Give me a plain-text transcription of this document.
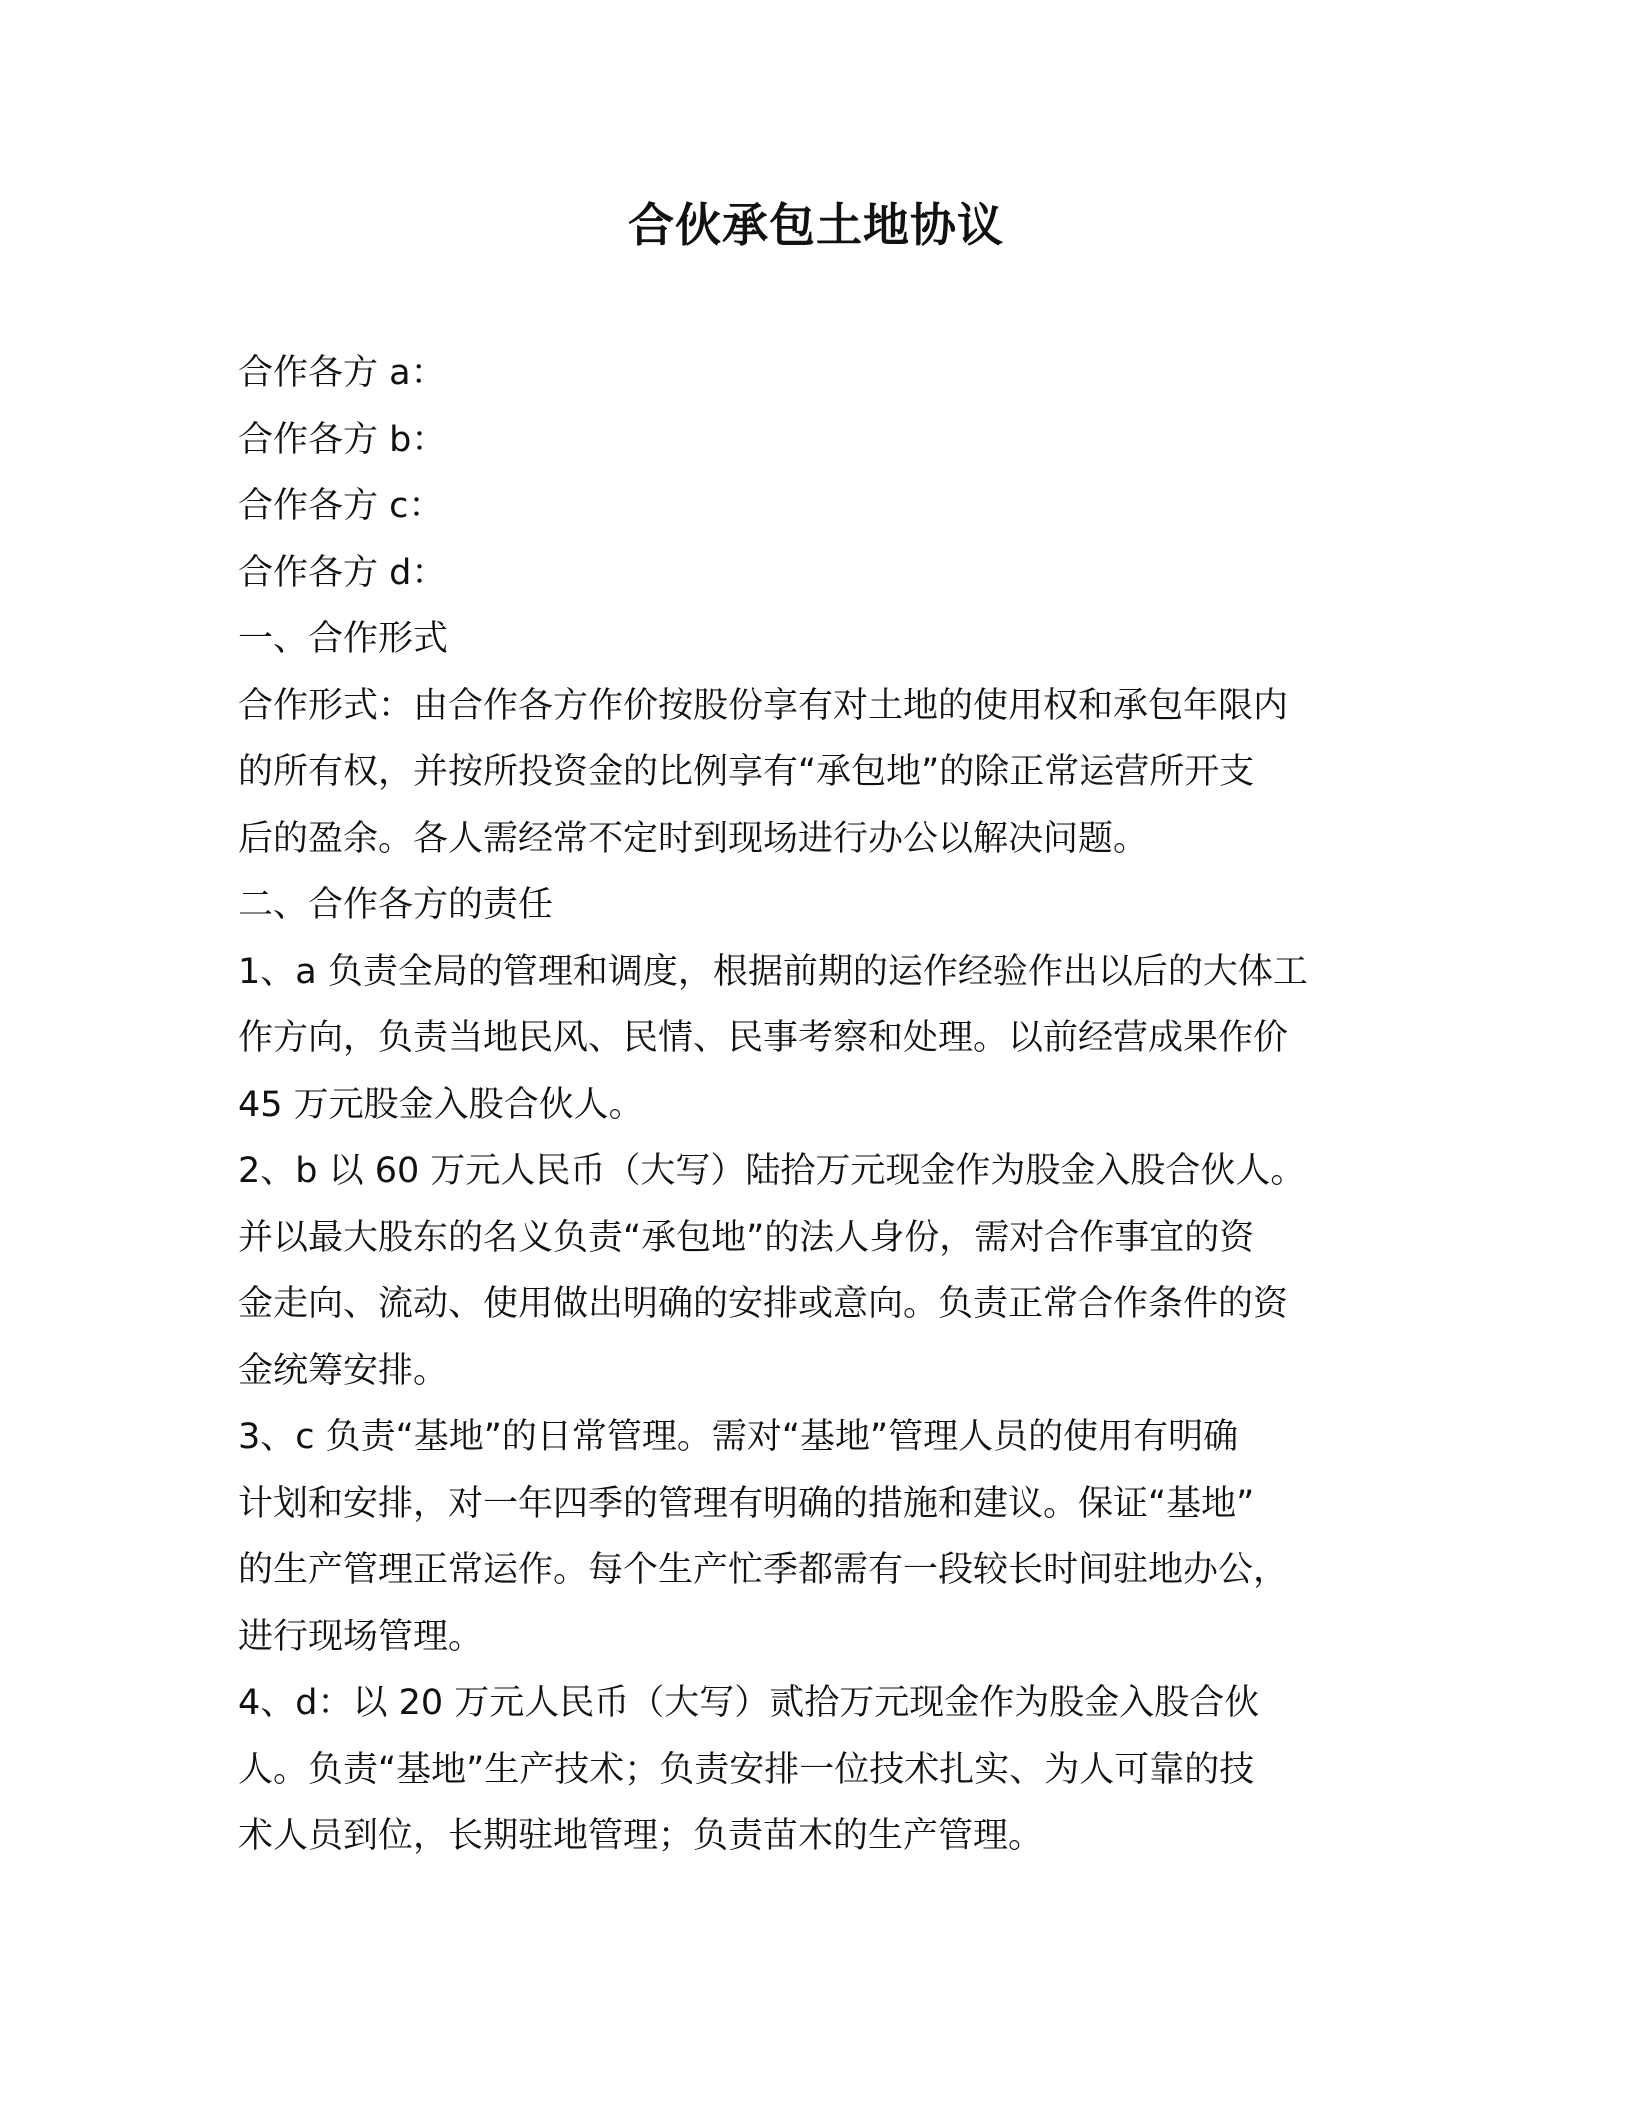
合伙承包土地协议

合作各方 a：

合作各方 b：

合作各方 c：

合作各方 d：

一、合作形式

合作形式：由合作各方作价按股份享有对土地的使用权和承包年限内

的所有权，并按所投资金的比例享有“承包地”的除正常运营所开支

后的盈余。各人需经常不定时到现场进行办公以解决问题。

二、合作各方的责任

1、a 负责全局的管理和调度，根据前期的运作经验作出以后的大体工

作方向，负责当地民风、民情、民事考察和处理。以前经营成果作价

45 万元股金入股合伙人。

2、b 以 60 万元人民币（大写）陆拾万元现金作为股金入股合伙人。

并以最大股东的名义负责“承包地”的法人身份，需对合作事宜的资

金走向、流动、使用做出明确的安排或意向。负责正常合作条件的资

金统筹安排。

3、c 负责“基地”的日常管理。需对“基地”管理人员的使用有明确

计划和安排，对一年四季的管理有明确的措施和建议。保证“基地”

的生产管理正常运作。每个生产忙季都需有一段较长时间驻地办公，

进行现场管理。

4、d：以 20 万元人民币（大写）贰拾万元现金作为股金入股合伙

人。负责“基地”生产技术；负责安排一位技术扎实、为人可靠的技

术人员到位，长期驻地管理；负责苗木的生产管理。
